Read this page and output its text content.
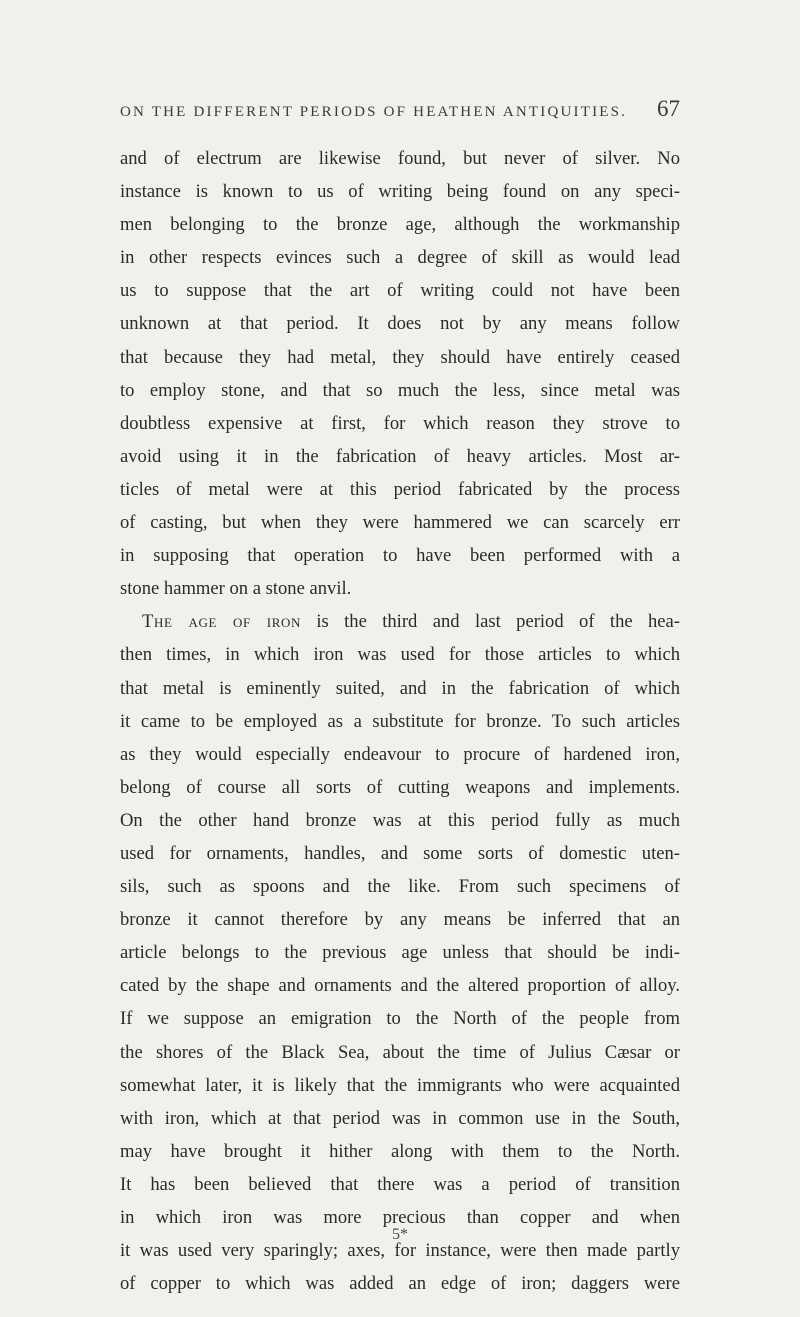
ON THE DIFFERENT PERIODS OF HEATHEN ANTIQUITIES. 67
and of electrum are likewise found, but never of silver. No
instance is known to us of writing being found on any speci-
men belonging to the bronze age, although the workmanship
in other respects evinces such a degree of skill as would lead
us to suppose that the art of writing could not have been
unknown at that period. It does not by any means follow
that because they had metal, they should have entirely ceased
to employ stone, and that so much the less, since metal was
doubtless expensive at first, for which reason they strove to
avoid using it in the fabrication of heavy articles. Most ar-
ticles of metal were at this period fabricated by the process
of casting, but when they were hammered we can scarcely err
in supposing that operation to have been performed with a
stone hammer on a stone anvil.
The age of iron is the third and last period of the hea-
then times, in which iron was used for those articles to which
that metal is eminently suited, and in the fabrication of which
it came to be employed as a substitute for bronze. To such articles
as they would especially endeavour to procure of hardened iron,
belong of course all sorts of cutting weapons and implements.
On the other hand bronze was at this period fully as much
used for ornaments, handles, and some sorts of domestic uten-
sils, such as spoons and the like. From such specimens of
bronze it cannot therefore by any means be inferred that an
article belongs to the previous age unless that should be indi-
cated by the shape and ornaments and the altered proportion of alloy.
If we suppose an emigration to the North of the people from
the shores of the Black Sea, about the time of Julius Cæsar or
somewhat later, it is likely that the immigrants who were acquainted
with iron, which at that period was in common use in the South,
may have brought it hither along with them to the North.
It has been believed that there was a period of transition
in which iron was more precious than copper and when
it was used very sparingly; axes, for instance, were then made partly
of copper to which was added an edge of iron; daggers were
5*
